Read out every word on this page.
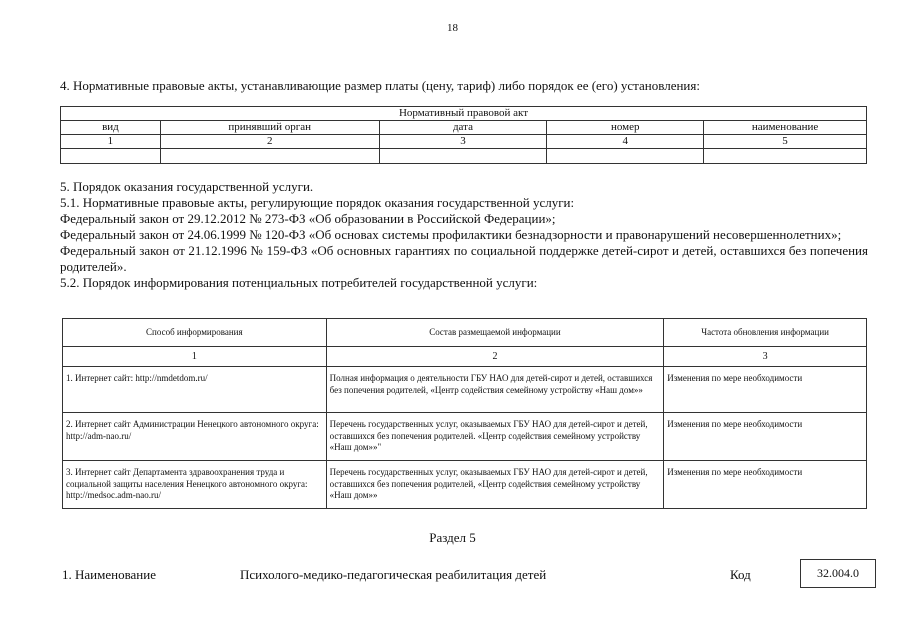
18
4. Нормативные правовые акты, устанавливающие размер платы (цену, тариф) либо порядок ее (его) установления:
Нормативный правовой акт				
вид	принявший орган	дата	номер	наименование
1	2	3	4	5

5. Порядок оказания государственной услуги.

5.1. Нормативные правовые акты, регулирующие порядок оказания государственной услуги:

Федеральный закон от 29.12.2012 № 273-ФЗ «Об образовании в Российской Федерации»;

Федеральный закон от 24.06.1999 № 120-ФЗ «Об основах системы профилактики безнадзорности и правонарушений несовершеннолетних»;

Федеральный закон от 21.12.1996 № 159-ФЗ «Об основных гарантиях по социальной поддержке детей-сирот и детей, оставшихся без попечения родителей».

5.2. Порядок информирования потенциальных потребителей государственной услуги:

Способ информирования	Состав размещаемой информации	Частота обновления информации
1	2	3
1. Интернет сайт: http://nmdetdom.ru/	Полная информация о деятельности ГБУ НАО для детей-сирот и детей, оставшихся без попечения родителей, «Центр содействия семейному устройству «Наш дом»»	Изменения по мере необходимости
2. Интернет сайт Администрации Ненецкого автономного округа: http://adm-nao.ru/	Перечень государственных услуг, оказываемых ГБУ НАО для детей-сирот и детей, оставшихся без попечения родителей. «Центр содействия семейному устройству «Наш дом»»"	Изменения по мере необходимости
3. Интернет сайт Департамента здравоохранения труда и социальной защиты населения Ненецкого автономного округа: http://medsoc.adm-nao.ru/	Перечень государственных услуг, оказываемых ГБУ НАО для детей-сирот и детей, оставшихся без попечения родителей, «Центр содействия семейному устройству «Наш дом»»	Изменения по мере необходимости
Раздел 5
1. Наименование	Психолого-медико-педагогическая реабилитация детей	Код	32.004.0
